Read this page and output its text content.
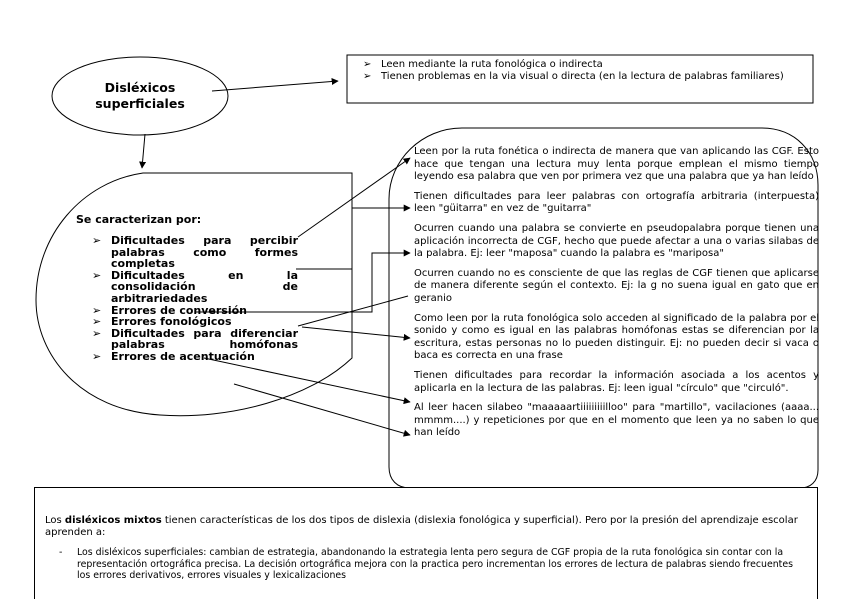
Disléxicos
superficiales
➢ Leen mediante la ruta fonológica o indirecta
➢ Tienen problemas en la via visual o directa (en la lectura de palabras familiares)
Se caracterizan por:
➢ Dificultades para percibir palabras como formes completas
➢ Dificultades en la consolidación de arbitrariedades
➢ Errores de conversión
➢ Errores fonológicos
➢ Dificultades para diferenciar palabras homófonas
➢ Errores de acentuación

Leen por la ruta fonética o indirecta de manera que van aplicando las CGF. Esto hace que tengan una lectura muy lenta porque emplean el mismo tiempo leyendo esa palabra que ven por primera vez que una palabra que ya han leído

Tienen dificultades para leer palabras con ortografía arbitraria (interpuesta) leen "güitarra" en vez de "guitarra"

Ocurren cuando una palabra se convierte en pseudopalabra porque tienen una aplicación incorrecta de CGF, hecho que puede afectar a una o varias silabas de la palabra. Ej: leer "maposa" cuando la palabra es "mariposa"

Ocurren cuando no es consciente de que las reglas de CGF tienen que aplicarse de manera diferente según el contexto. Ej: la g no suena igual en gato que en geranio

Como leen por la ruta fonológica solo acceden al significado de la palabra por el sonido y como es igual en las palabras homófonas estas se diferencian por la escritura, estas personas no lo pueden distinguir. Ej: no pueden decir si vaca o baca es correcta en una frase

Tienen dificultades para recordar la información asociada a los acentos y aplicarla en la lectura de las palabras. Ej: leen igual "círculo" que "circuló".

Al leer hacen silabeo "maaaaartiiiiiiiiilloo" para "martillo", vacilaciones (aaaa... mmmm....) y repeticiones por que en el momento que leen ya no saben lo que han leído

Los disléxicos mixtos tienen características de los dos tipos de dislexia (dislexia fonológica y superficial). Pero por la presión del aprendizaje escolar aprenden a:

-	Los disléxicos superficiales: cambian de estrategia, abandonando la estrategia lenta pero segura de CGF propia de la ruta fonológica sin contar con la representación ortográfica precisa. La decisión ortográfica mejora con la practica pero incrementan los errores de lectura de palabras siendo frecuentes los errores derivativos, errores visuales y lexicalizaciones
